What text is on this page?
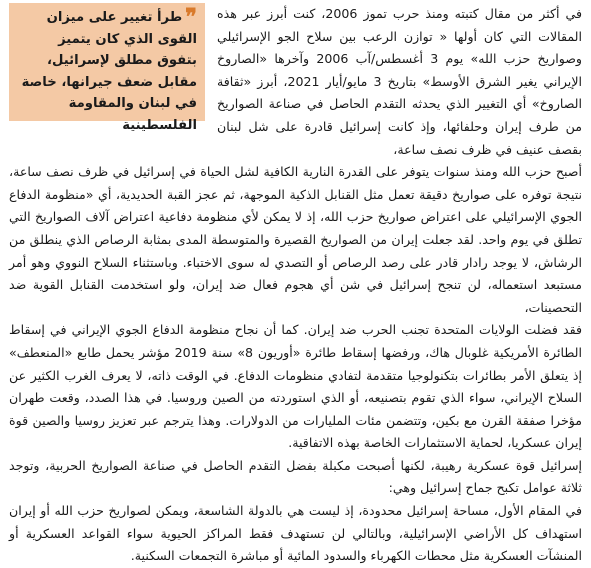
❞طرأ تغيير على ميزان القوى الذي كان يتميز بتفوق مطلق لإسرائيل، مقابل ضعف جيرانها، خاصة في لبنان والمقاومة الفلسطينية

في أكثر من مقال كتبته ومنذ حرب تموز 2006، كنت أبرز عبر هذه المقالات التي كان أولها « توازن الرعب بين سلاح الجو الإسرائيلي وصواريخ حزب الله» يوم 3 أغسطس/آب 2006 وآخرها «الصاروخ الإيراني يغير الشرق الأوسط» بتاريخ 3 مايو/أيار 2021، أبرز «ثقافة الصاروخ» أي التغيير الذي يحدثه التقدم الحاصل في صناعة الصواريخ من طرف إيران وحلفائها، وإذ كانت إسرائيل قادرة على شل لبنان بقصف عنيف في ظرف نصف ساعة،

أصبح حزب الله ومنذ سنوات يتوفر على القدرة النارية الكافية لشل الحياة في إسرائيل في ظرف نصف ساعة، نتيجة توفره على صواريخ دقيقة تعمل مثل القنابل الذكية الموجهة، ثم عجز القبة الحديدية، أي «منظومة الدفاع الجوي الإسرائيلي على اعتراض صواريخ حزب الله، إذ لا يمكن لأي منظومة دفاعية اعتراض آلاف الصواريخ التي تطلق في يوم واحد. لقد جعلت إيران من الصواريخ القصيرة والمتوسطة المدى بمثابة الرصاص الذي ينطلق من الرشاش، لا يوجد رادار قادر على رصد الرصاص أو التصدي له سوى الاختباء. وباستثناء السلاح النووي وهو أمر مستبعد استعماله، لن تنجح إسرائيل في شن أي هجوم فعال ضد إيران، ولو استخدمت القنابل القوية ضد التحصينات،

فقد فضلت الولايات المتحدة تجنب الحرب ضد إيران. كما أن نجاح منظومة الدفاع الجوي الإيراني في إسقاط الطائرة الأمريكية غلوبال هاك، ورفضها إسقاط طائرة «أوريون 8» سنة 2019 مؤشر يحمل طابع «المنعطف» إذ يتعلق الأمر بطائرات بتكنولوجيا متقدمة لتفادي منظومات الدفاع. في الوقت ذاته، لا يعرف الغرب الكثير عن السلاح الإيراني، سواء الذي تقوم بتصنيعه، أو الذي استوردته من الصين وروسيا. في هذا الصدد، وقعت طهران مؤخرا صفقة القرن مع بكين، وتتضمن مئات المليارات من الدولارات. وهذا يترجم عبر تعزيز روسيا والصين قوة إيران عسكريا، لحماية الاستثمارات الخاصة بهذه الاتفاقية.

إسرائيل قوة عسكرية رهيبة، لكنها أصبحت مكبلة بفضل التقدم الحاصل في صناعة الصواريخ الحربية، وتوجد ثلاثة عوامل تكبح جماح إسرائيل وهي:

في المقام الأول، مساحة إسرائيل محدودة، إذ ليست هي بالدولة الشاسعة، ويمكن لصواريخ حزب الله أو إيران استهداف كل الأراضي الإسرائيلية، وبالتالي لن تستهدف فقط المراكز الحيوية سواء القواعد العسكرية أو المنشآت العسكرية مثل محطات الكهرباء والسدود المائية أو مباشرة التجمعات السكنية.
